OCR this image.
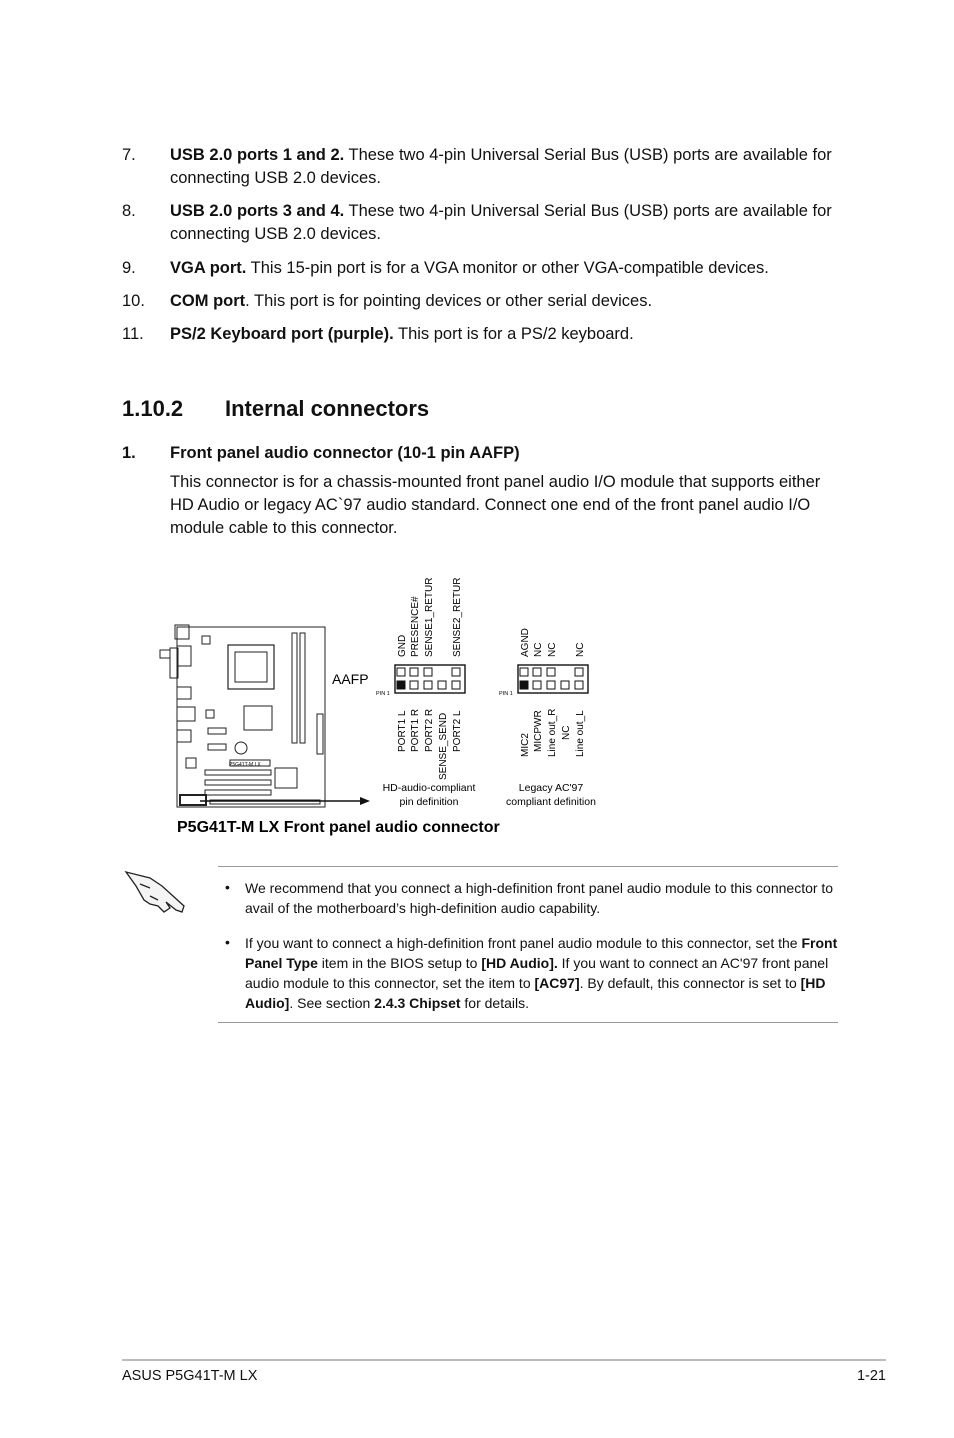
7. USB 2.0 ports 1 and 2. These two 4-pin Universal Serial Bus (USB) ports are available for connecting USB 2.0 devices.
8. USB 2.0 ports 3 and 4. These two 4-pin Universal Serial Bus (USB) ports are available for connecting USB 2.0 devices.
9. VGA port. This 15-pin port is for a VGA monitor or other VGA-compatible devices.
10. COM port. This port is for pointing devices or other serial devices.
11. PS/2 Keyboard port (purple). This port is for a PS/2 keyboard.
1.10.2 Internal connectors
1. Front panel audio connector (10-1 pin AAFP)
This connector is for a chassis-mounted front panel audio I/O module that supports either HD Audio or legacy AC`97 audio standard. Connect one end of the front panel audio I/O module cable to this connector.
P5G41T-M LX
AAFP
PIN 1
GND PRESENCE# SENSE1_RETUR SENSE2_RETUR
PORT1 L PORT1 R PORT2 R SENSE_SEND PORT2 L
HD-audio-compliant
pin definition
PIN 1
AGND NC NC NC
MIC2 MICPWR Line out_R NC Line out_L
Legacy AC'97
compliant definition
P5G41T-M LX Front panel audio connector
• We recommend that you connect a high-definition front panel audio module to this connector to avail of the motherboard’s high-definition audio capability.
• If you want to connect a high-definition front panel audio module to this connector, set the Front Panel Type item in the BIOS setup to [HD Audio]. If you want to connect an AC'97 front panel audio module to this connector, set the item to [AC97]. By default, this connector is set to [HD Audio]. See section 2.4.3 Chipset for details.
ASUS P5G41T-M LX	1-21
